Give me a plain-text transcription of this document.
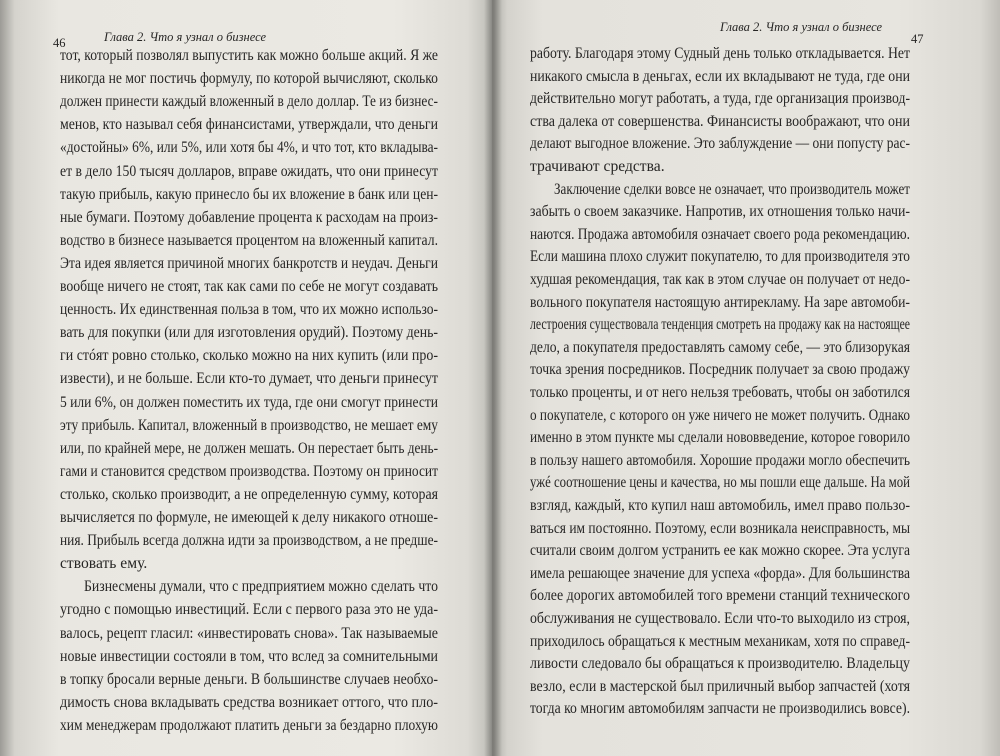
46	Глава 2. Что я узнал о бизнесе
тот, который позволял выпустить как можно больше акций. Я же
никогда не мог постичь формулу, по которой вычисляют, сколько
должен принести каждый вложенный в дело доллар. Те из бизнес-
менов, кто называл себя финансистами, утверждали, что деньги
«достойны» 6%, или 5%, или хотя бы 4%, и что тот, кто вкладыва-
ет в дело 150 тысяч долларов, вправе ожидать, что они принесут
такую прибыль, какую принесло бы их вложение в банк или цен-
ные бумаги. Поэтому добавление процента к расходам на произ-
водство в бизнесе называется процентом на вложенный капитал.
Эта идея является причиной многих банкротств и неудач. Деньги
вообще ничего не стоят, так как сами по себе не могут создавать
ценность. Их единственная польза в том, что их можно использо-
вать для покупки (или для изготовления орудий). Поэтому день-
ги стóят ровно столько, сколько можно на них купить (или про-
извести), и не больше. Если кто-то думает, что деньги принесут
5 или 6%, он должен поместить их туда, где они смогут принести
эту прибыль. Капитал, вложенный в производство, не мешает ему
или, по крайней мере, не должен мешать. Он перестает быть день-
гами и становится средством производства. Поэтому он приносит
столько, сколько производит, а не определенную сумму, которая
вычисляется по формуле, не имеющей к делу никакого отноше-
ния. Прибыль всегда должна идти за производством, а не предше-
ствовать ему.
Бизнесмены думали, что с предприятием можно сделать что
угодно с помощью инвестиций. Если с первого раза это не уда-
валось, рецепт гласил: «инвестировать снова». Так называемые
новые инвестиции состояли в том, что вслед за сомнительными
в топку бросали верные деньги. В большинстве случаев необхо-
димость снова вкладывать средства возникает оттого, что пло-
хим менеджерам продолжают платить деньги за бездарно плохую
Глава 2. Что я узнал о бизнесе
47
работу. Благодаря этому Судный день только откладывается. Нет
никакого смысла в деньгах, если их вкладывают не туда, где они
действительно могут работать, а туда, где организация производ-
ства далека от совершенства. Финансисты воображают, что они
делают выгодное вложение. Это заблуждение — они попусту рас-
трачивают средства.
Заключение сделки вовсе не означает, что производитель может
забыть о своем заказчике. Напротив, их отношения только начи-
наются. Продажа автомобиля означает своего рода рекомендацию.
Если машина плохо служит покупателю, то для производителя это
худшая рекомендация, так как в этом случае он получает от недо-
вольного покупателя настоящую антирекламу. На заре автомоби-
лестроения существовала тенденция смотреть на продажу как на настоящее
дело, а покупателя предоставлять самому себе, — это близорукая
точка зрения посредников. Посредник получает за свою продажу
только проценты, и от него нельзя требовать, чтобы он заботился
о покупателе, с которого он уже ничего не может получить. Однако
именно в этом пункте мы сделали нововведение, которое говорило
в пользу нашего автомобиля. Хорошие продажи могло обеспечить
ужé соотношение цены и качества, но мы пошли еще дальше. На мой
взгляд, каждый, кто купил наш автомобиль, имел право пользо-
ваться им постоянно. Поэтому, если возникала неисправность, мы
считали своим долгом устранить ее как можно скорее. Эта услуга
имела решающее значение для успеха «форда». Для большинства
более дорогих автомобилей того времени станций технического
обслуживания не существовало. Если что-то выходило из строя,
приходилось обращаться к местным механикам, хотя по справед-
ливости следовало бы обращаться к производителю. Владельцу
везло, если в мастерской был приличный выбор запчастей (хотя
тогда ко многим автомобилям запчасти не производились вовсе).
